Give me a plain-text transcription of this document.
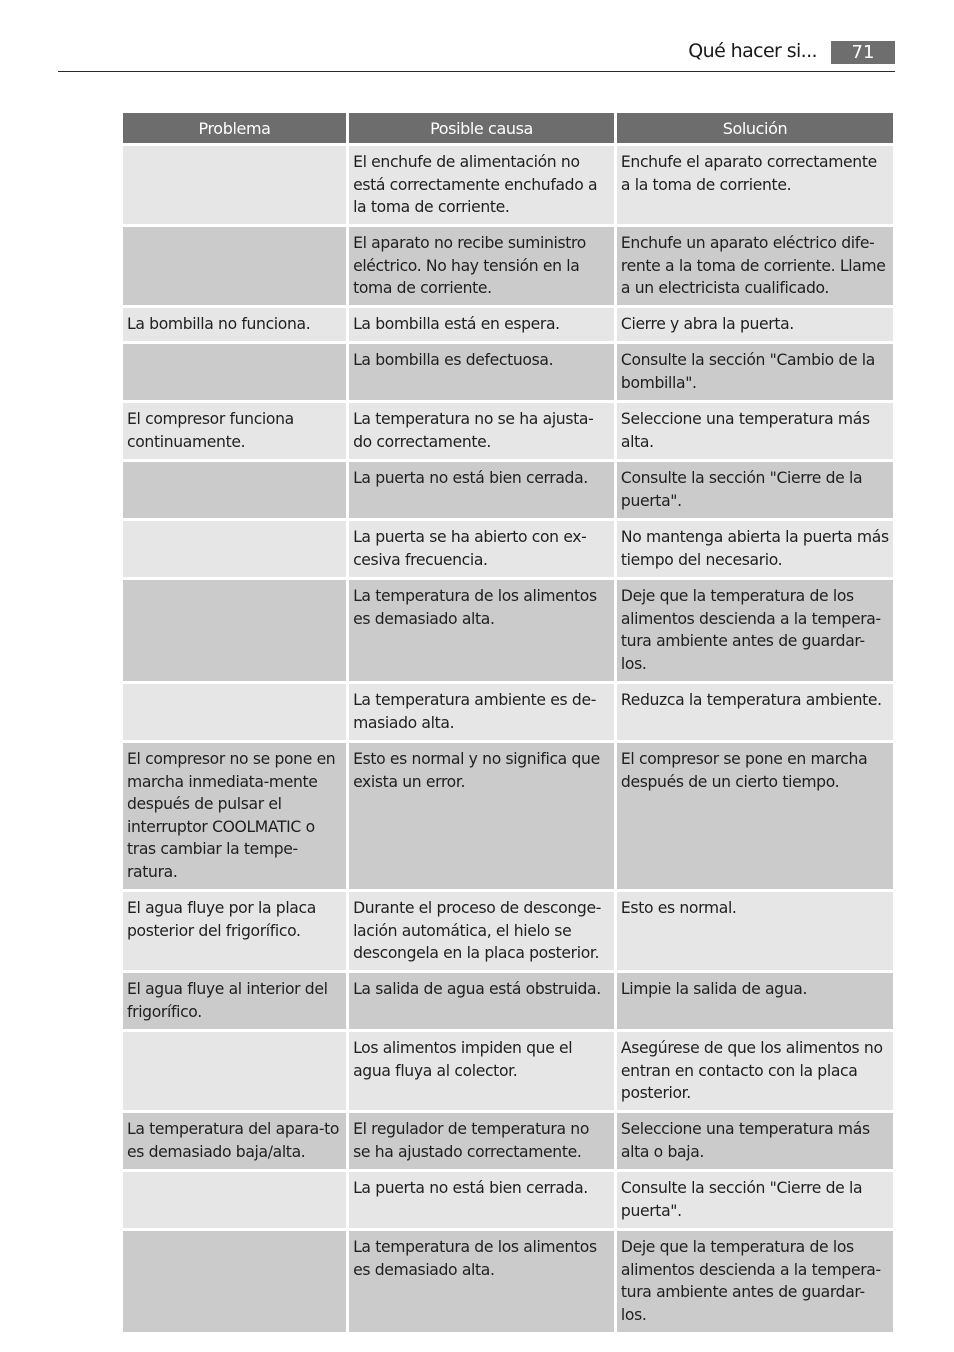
Qué hacer si...	71
Problema	Posible causa	Solución
	El enchufe de alimentación no está correctamente enchufado a la toma de corriente.	Enchufe el aparato correctamente a la toma de corriente.
	El aparato no recibe suministro eléctrico. No hay tensión en la toma de corriente.	Enchufe un aparato eléctrico dife-rente a la toma de corriente. Llame a un electricista cualificado.
La bombilla no funciona.	La bombilla está en espera.	Cierre y abra la puerta.
	La bombilla es defectuosa.	Consulte la sección "Cambio de la bombilla".
El compresor funciona continuamente.	La temperatura no se ha ajusta-do correctamente.	Seleccione una temperatura más alta.
	La puerta no está bien cerrada.	Consulte la sección "Cierre de la puerta".
	La puerta se ha abierto con ex-cesiva frecuencia.	No mantenga abierta la puerta más tiempo del necesario.
	La temperatura de los alimentos es demasiado alta.	Deje que la temperatura de los alimentos descienda a la tempera-tura ambiente antes de guardar-los.
	La temperatura ambiente es de-masiado alta.	Reduzca la temperatura ambiente.
El compresor no se pone en marcha inmediata-mente después de pulsar el interruptor COOLMATIC o tras cambiar la tempe-ratura.	Esto es normal y no significa que exista un error.	El compresor se pone en marcha después de un cierto tiempo.
El agua fluye por la placa posterior del frigorífico.	Durante el proceso de desconge-lación automática, el hielo se descongela en la placa posterior.	Esto es normal.
El agua fluye al interior del frigorífico.	La salida de agua está obstruida.	Limpie la salida de agua.
	Los alimentos impiden que el agua fluya al colector.	Asegúrese de que los alimentos no entran en contacto con la placa posterior.
La temperatura del apara-to es demasiado baja/alta.	El regulador de temperatura no se ha ajustado correctamente.	Seleccione una temperatura más alta o baja.
	La puerta no está bien cerrada.	Consulte la sección "Cierre de la puerta".
	La temperatura de los alimentos es demasiado alta.	Deje que la temperatura de los alimentos descienda a la tempera-tura ambiente antes de guardar-los.
